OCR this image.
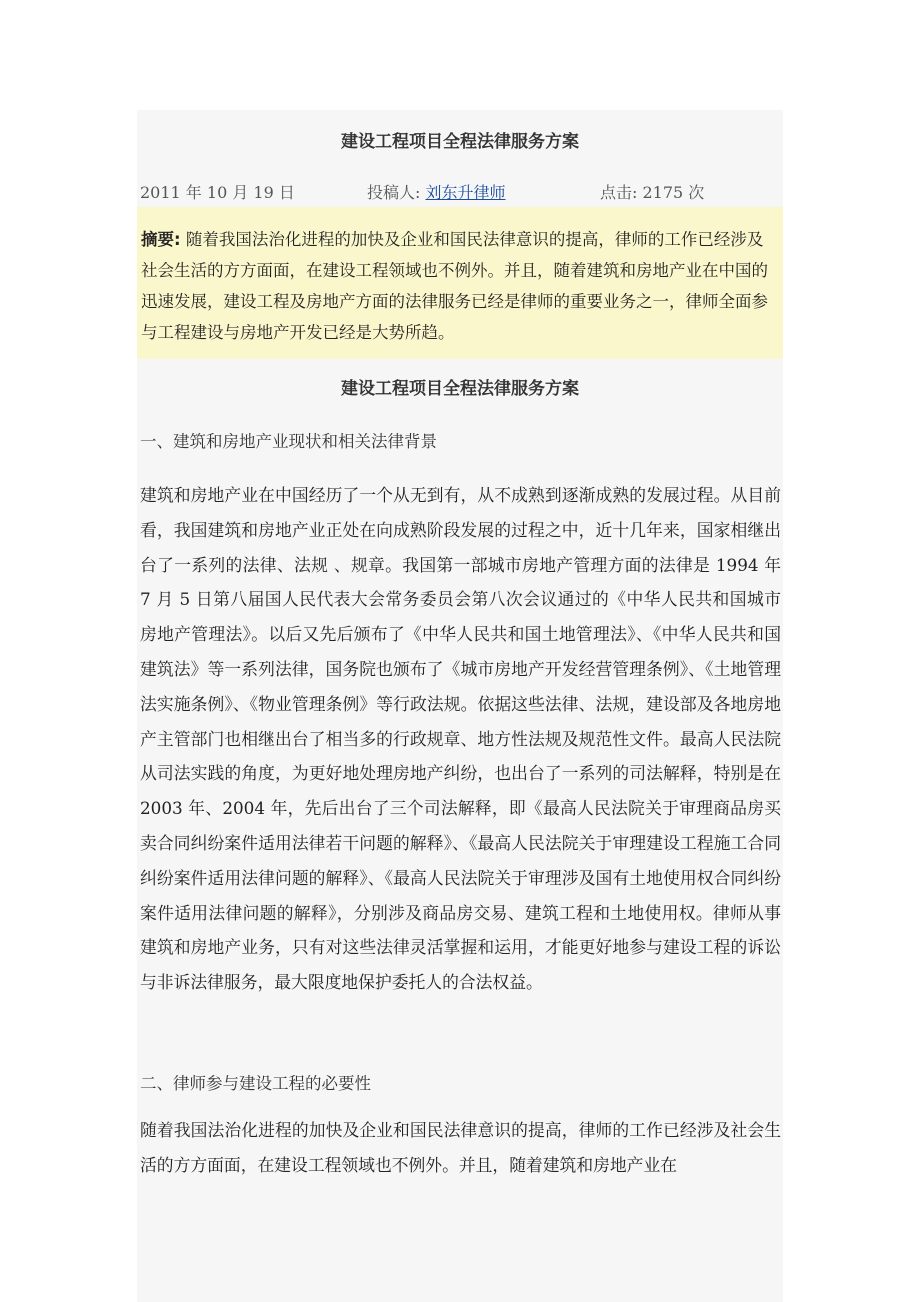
建设工程项目全程法律服务方案
2011 年 10 月 19 日	投稿人: 刘东升律师	点击: 2175 次

摘要: 随着我国法治化进程的加快及企业和国民法律意识的提高，律师的工作已经涉及社会生活的方方面面，在建设工程领域也不例外。并且，随着建筑和房地产业在中国的迅速发展，建设工程及房地产方面的法律服务已经是律师的重要业务之一，律师全面参与工程建设与房地产开发已经是大势所趋。

建设工程项目全程法律服务方案
一、建筑和房地产业现状和相关法律背景

建筑和房地产业在中国经历了一个从无到有，从不成熟到逐渐成熟的发展过程。从目前看，我国建筑和房地产业正处在向成熟阶段发展的过程之中，近十几年来，国家相继出台了一系列的法律、法规 、规章。我国第一部城市房地产管理方面的法律是 1994 年 7 月 5 日第八届国人民代表大会常务委员会第八次会议通过的《中华人民共和国城市房地产管理法》。以后又先后颁布了《中华人民共和国土地管理法》、《中华人民共和国建筑法》等一系列法律，国务院也颁布了《城市房地产开发经营管理条例》、《土地管理法实施条例》、《物业管理条例》等行政法规。依据这些法律、法规，建设部及各地房地产主管部门也相继出台了相当多的行政规章、地方性法规及规范性文件。最高人民法院从司法实践的角度，为更好地处理房地产纠纷，也出台了一系列的司法解释，特别是在 2003 年、2004 年，先后出台了三个司法解释，即《最高人民法院关于审理商品房买卖合同纠纷案件适用法律若干问题的解释》、《最高人民法院关于审理建设工程施工合同纠纷案件适用法律问题的解释》、《最高人民法院关于审理涉及国有土地使用权合同纠纷案件适用法律问题的解释》，分别涉及商品房交易、建筑工程和土地使用权。律师从事建筑和房地产业务，只有对这些法律灵活掌握和运用，才能更好地参与建设工程的诉讼与非诉法律服务，最大限度地保护委托人的合法权益。

二、律师参与建设工程的必要性

随着我国法治化进程的加快及企业和国民法律意识的提高，律师的工作已经涉及社会生活的方方面面，在建设工程领域也不例外。并且，随着建筑和房地产业在
